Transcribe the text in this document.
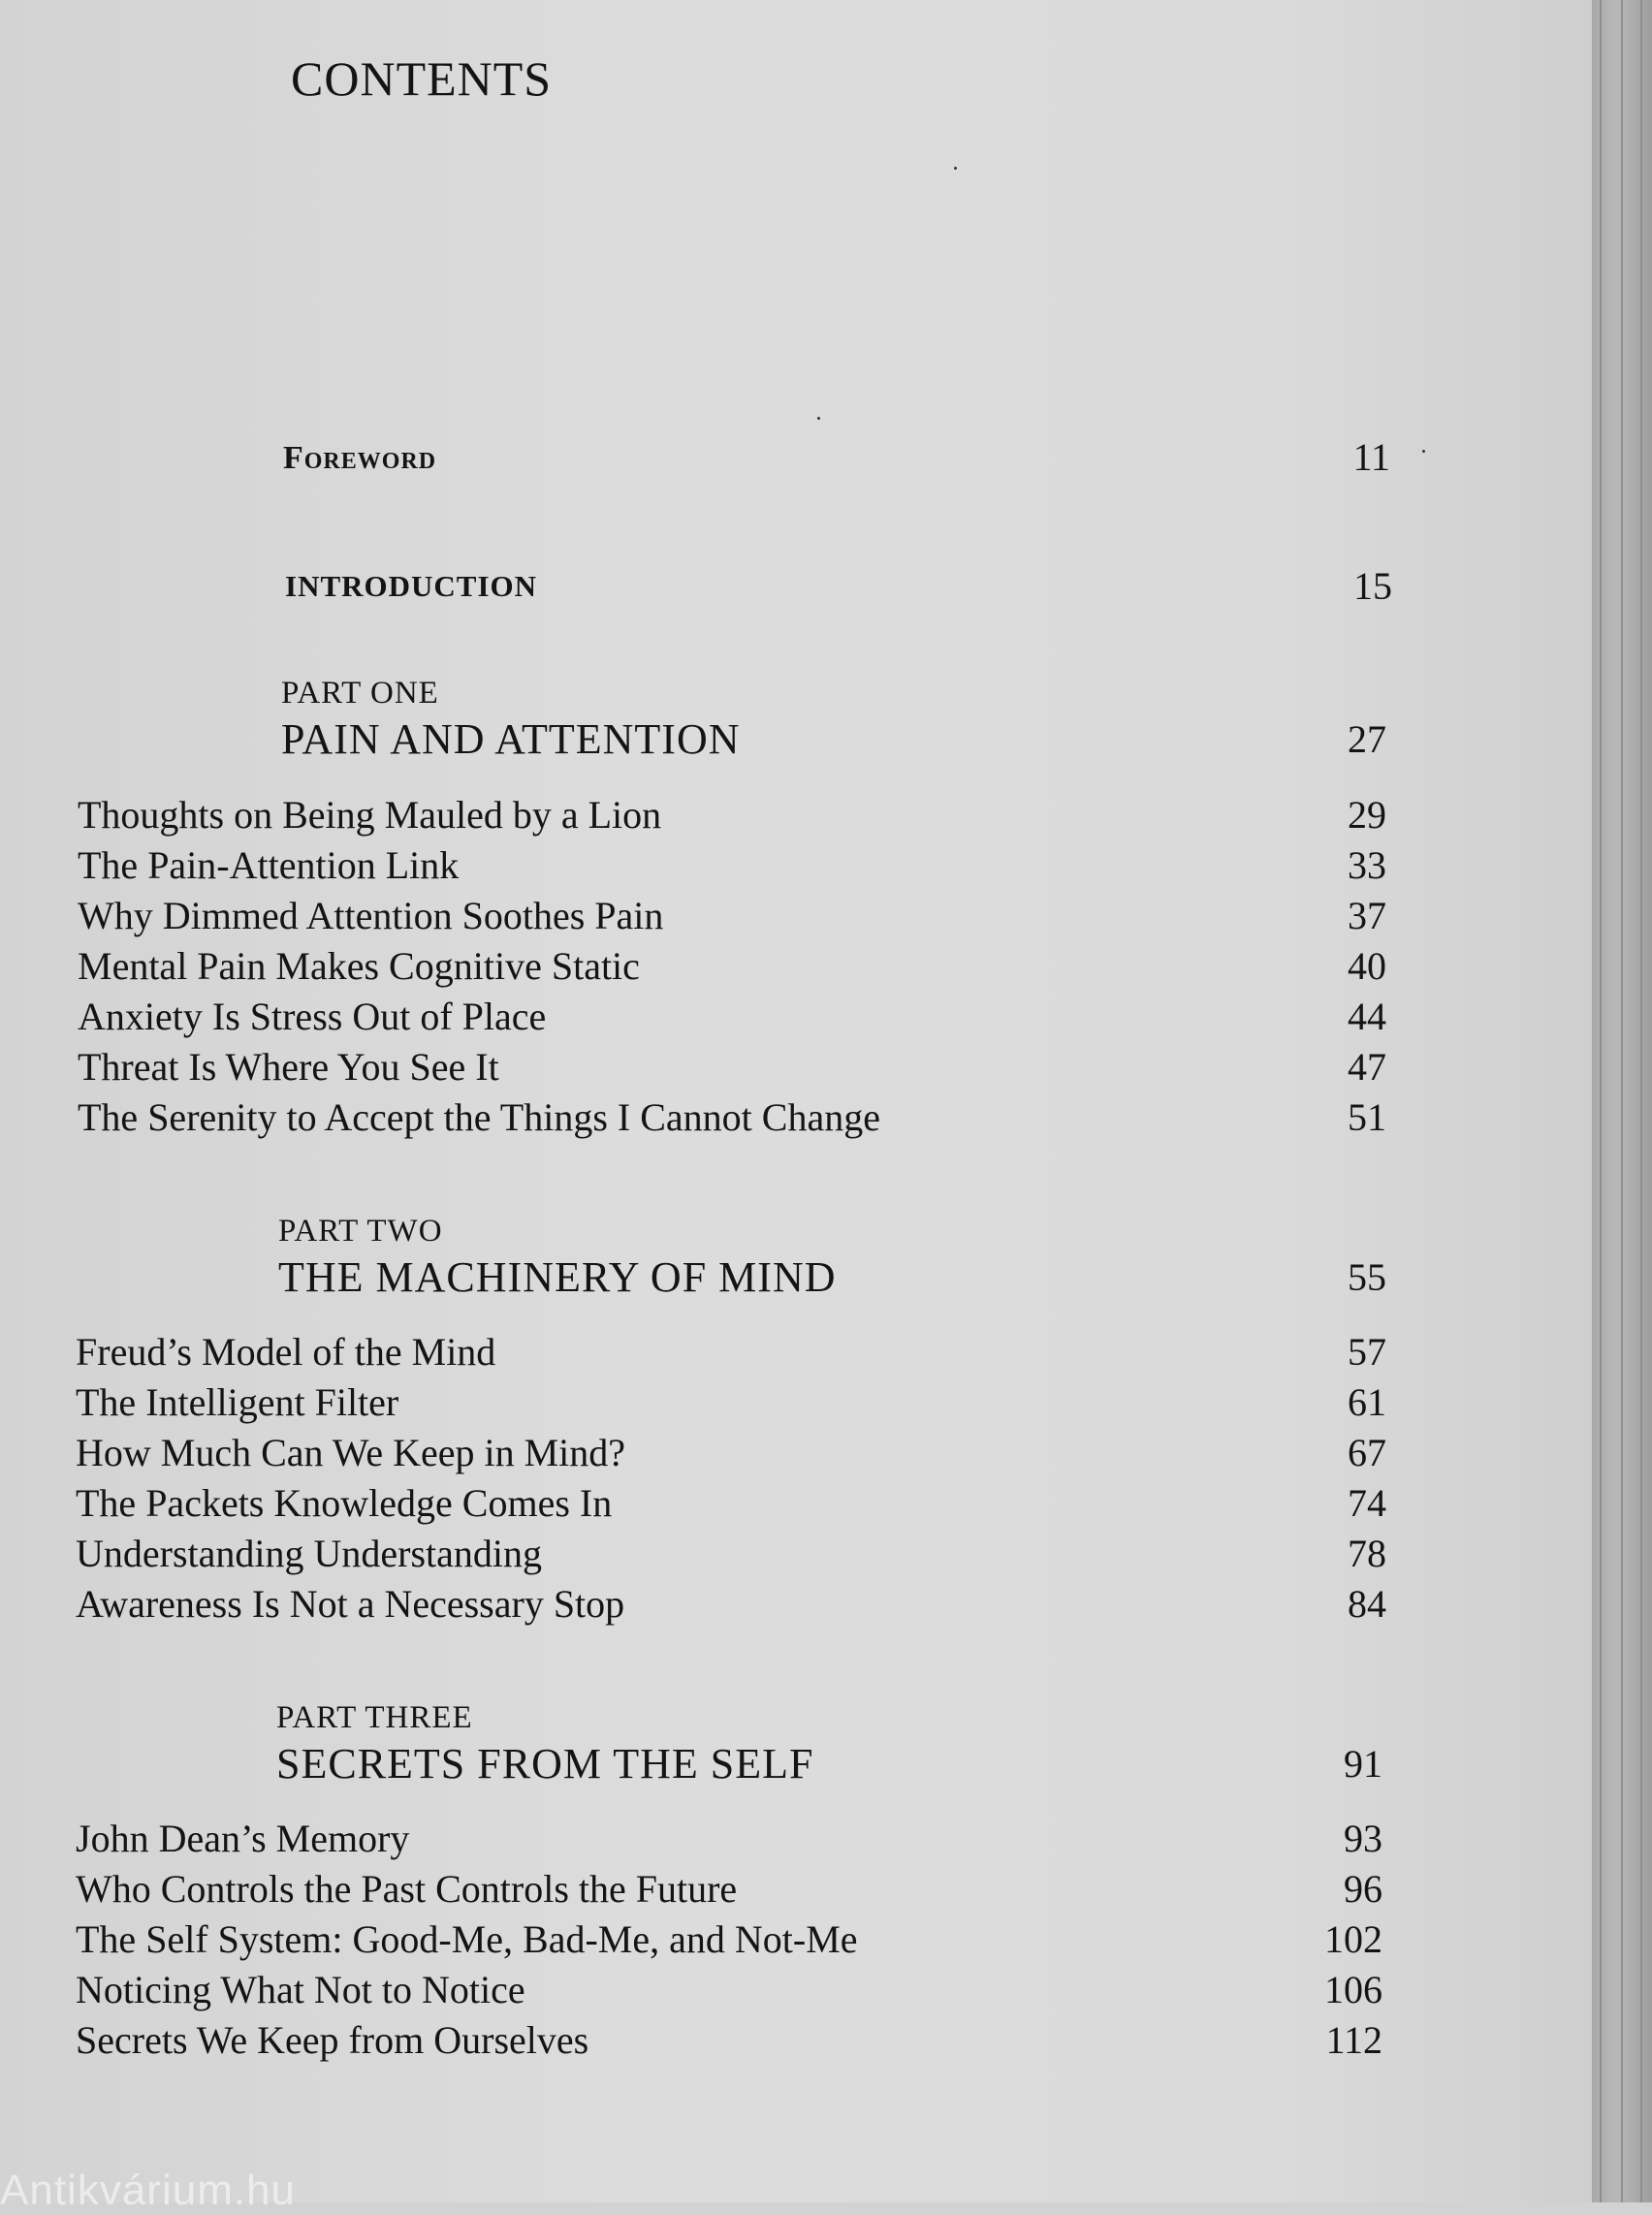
CONTENTS
Foreword	11
INTRODUCTION	15
PART ONE
PAIN AND ATTENTION	27
Thoughts on Being Mauled by a Lion	29
The Pain-Attention Link	33
Why Dimmed Attention Soothes Pain	37
Mental Pain Makes Cognitive Static	40
Anxiety Is Stress Out of Place	44
Threat Is Where You See It	47
The Serenity to Accept the Things I Cannot Change	51
PART TWO
THE MACHINERY OF MIND	55
Freud’s Model of the Mind	57
The Intelligent Filter	61
How Much Can We Keep in Mind?	67
The Packets Knowledge Comes In	74
Understanding Understanding	78
Awareness Is Not a Necessary Stop	84
PART THREE
SECRETS FROM THE SELF	91
John Dean’s Memory	93
Who Controls the Past Controls the Future	96
The Self System: Good-Me, Bad-Me, and Not-Me	102
Noticing What Not to Notice	106
Secrets We Keep from Ourselves	112
Antikvárium.hu
